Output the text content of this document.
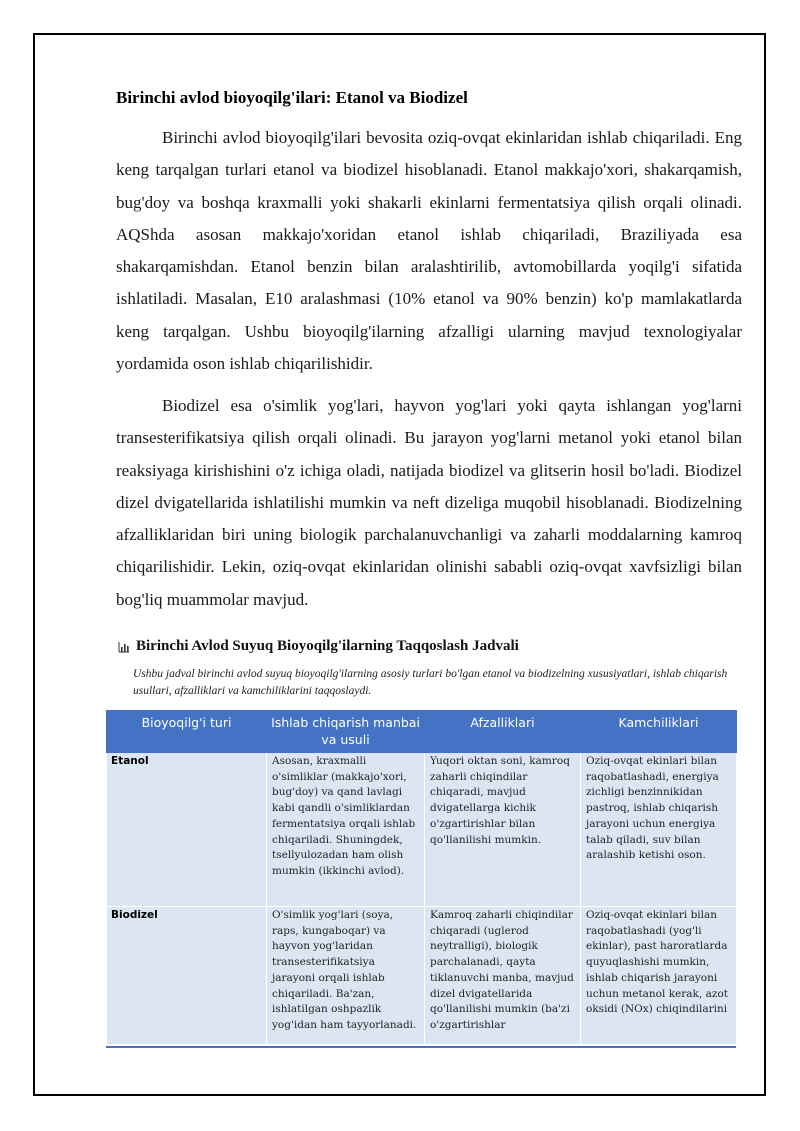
Birinchi avlod bioyoqilg'ilari: Etanol va Biodizel

Birinchi avlod bioyoqilg'ilari bevosita oziq-ovqat ekinlaridan ishlab chiqariladi. Eng keng tarqalgan turlari etanol va biodizel hisoblanadi. Etanol makkajo'xori, shakarqamish, bug'doy va boshqa kraxmalli yoki shakarli ekinlarni fermentatsiya qilish orqali olinadi. AQShda asosan makkajo'xoridan etanol ishlab chiqariladi, Braziliyada esa shakarqamishdan. Etanol benzin bilan aralashtirilib, avtomobillarda yoqilg'i sifatida ishlatiladi. Masalan, E10 aralashmasi (10% etanol va 90% benzin) ko'p mamlakatlarda keng tarqalgan. Ushbu bioyoqilg'ilarning afzalligi ularning mavjud texnologiyalar yordamida oson ishlab chiqarilishidir.

Biodizel esa o'simlik yog'lari, hayvon yog'lari yoki qayta ishlangan yog'larni transesterifikatsiya qilish orqali olinadi. Bu jarayon yog'larni metanol yoki etanol bilan reaksiyaga kirishishini o'z ichiga oladi, natijada biodizel va glitserin hosil bo'ladi. Biodizel dizel dvigatellarida ishlatilishi mumkin va neft dizeliga muqobil hisoblanadi. Biodizelning afzalliklaridan biri uning biologik parchalanuvchanligi va zaharli moddalarning kamroq chiqarilishidir. Lekin, oziq-ovqat ekinlaridan olinishi sababli oziq-ovqat xavfsizligi bilan bog'liq muammolar mavjud.

Birinchi Avlod Suyuq Bioyoqilg'ilarning Taqqoslash Jadvali

Ushbu jadval birinchi avlod suyuq bioyoqilg'ilarning asosiy turlari bo'lgan etanol va biodizelning xususiyatlari, ishlab chiqarish usullari, afzalliklari va kamchiliklarini taqqoslaydi.

Bioyoqilg'i turi	Ishlab chiqarish manbai va usuli	Afzalliklari	Kamchiliklari
Etanol	Asosan, kraxmalli o'simliklar (makkajo'xori, bug'doy) va qand lavlagi kabi qandli o'simliklardan fermentatsiya orqali ishlab chiqariladi. Shuningdek, tsellyulozadan ham olish mumkin (ikkinchi avlod).	Yuqori oktan soni, kamroq zaharli chiqindilar chiqaradi, mavjud dvigatellarga kichik o'zgartirishlar bilan qo'llanilishi mumkin.	Oziq-ovqat ekinlari bilan raqobatlashadi, energiya zichligi benzinnikidan pastroq, ishlab chiqarish jarayoni uchun energiya talab qiladi, suv bilan aralashib ketishi oson.
Biodizel	O'simlik yog'lari (soya, raps, kungaboqar) va hayvon yog'laridan transesterifikatsiya jarayoni orqali ishlab chiqariladi. Ba'zan, ishlatilgan oshpazlik yog'idan ham tayyorlanadi.	Kamroq zaharli chiqindilar chiqaradi (uglerod neytralligi), biologik parchalanadi, qayta tiklanuvchi manba, mavjud dizel dvigatellarida qo'llanilishi mumkin (ba'zi o'zgartirishlar	Oziq-ovqat ekinlari bilan raqobatlashadi (yog'li ekinlar), past haroratlarda quyuqlashishi mumkin, ishlab chiqarish jarayoni uchun metanol kerak, azot oksidi (NOx) chiqindilarini
